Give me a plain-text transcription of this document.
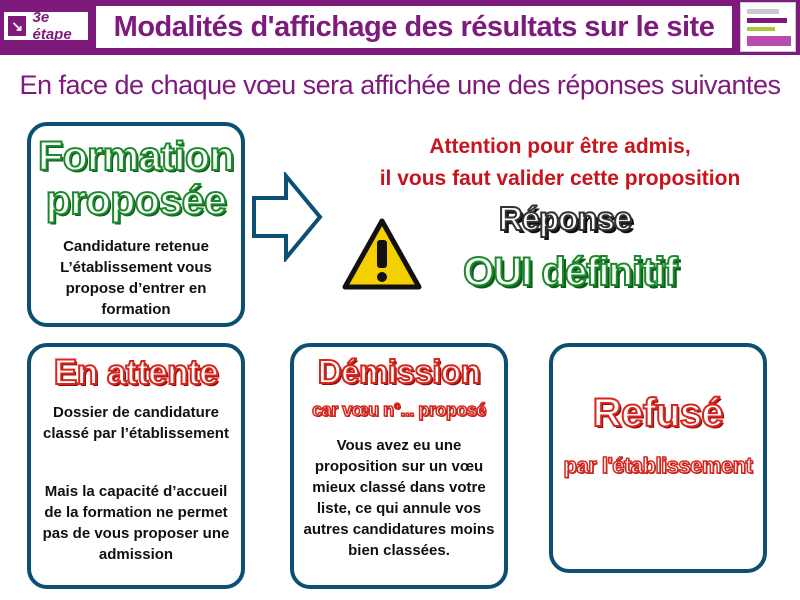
↘ 3e étape	Modalités d'affichage des résultats sur le site
En face de chaque vœu sera affichée une des réponses suivantes
Formation
proposée
Candidature retenue L’établissement vous propose d’entrer en formation
Attention pour être admis,
il vous faut valider cette proposition
Réponse
OUI définitif
En attente
Dossier de candidature classé par l’établissement
Mais la capacité d’accueil de la formation ne permet pas de vous proposer une admission
Démission
car vœu n°... proposé
Vous avez eu une proposition sur un vœu mieux classé dans votre liste, ce qui annule vos autres candidatures moins bien classées.
Refusé
par l'établissement
